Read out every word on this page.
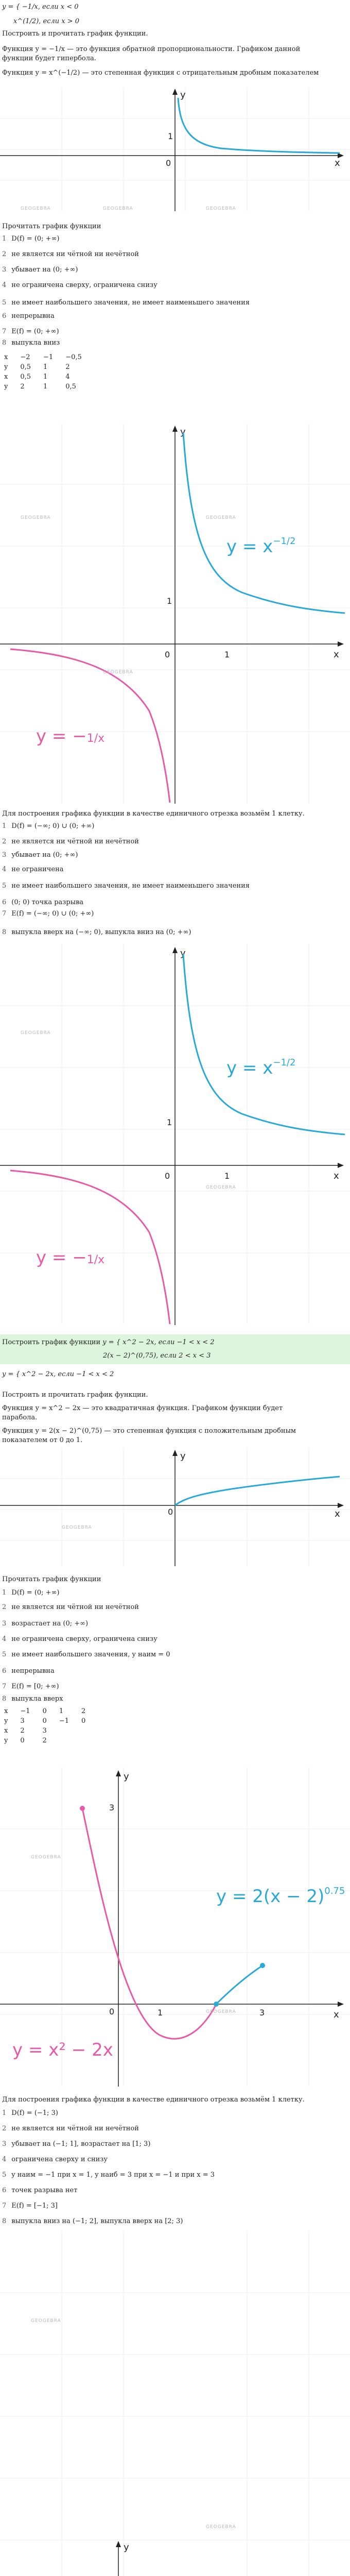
y = { −1/x, если x < 0
x^(1/2), если x > 0
Построить и прочитать график функции.
Функция y = −1/x — это функция обратной пропорциональности. Графиком данной
функции будет гипербола.
Функция y = x^(−1/2) — это степенная функция с отрицательным дробным показателем
x
y
0
1
Прочитать график функции
1 D(f) = (0; +∞)
2 не является ни чётной ни нечётной
3 убывает на (0; +∞)
4 не ограничена сверху, ограничена снизу
5 не имеет наибольшего значения, не имеет наименьшего значения
6 непрерывна
7 E(f) = (0; +∞)
8 выпукла вниз
x	−2	−1	−0,5
y	0,5	1	2
x	0,5	1	4
y	2	1	0,5
x
y
0
1
1
$y = x^{-1/2}$
y = −1/x
Для построения графика функции в качестве единичного отрезка возьмём 1 клетку.
1 D(f) = (−∞; 0) ∪ (0; +∞)
2 не является ни чётной ни нечётной
3 убывает на (0; +∞)
4 не ограничена
5 не имеет наибольшего значения, не имеет наименьшего значения
6 (0; 0) точка разрыва
7 E(f) = (−∞; 0) ∪ (0; +∞)
8 выпукла вверх на (−∞; 0), выпукла вниз на (0; +∞)
x
y
0
1
1
$y = x^{-1/2}$
y = −1/x
Построить график функции y = { x^2 − 2x, если −1 < x < 2
2(x − 2)^(0,75), если 2 < x < 3
y = { x^2 − 2x, если −1 < x < 2
Построить и прочитать график функции.
Функция y = x^2 − 2x — это квадратичная функция. Графиком функции будет
парабола.
Функция y = 2(x − 2)^(0,75) — это степенная функция с положительным дробным
показателем от 0 до 1.
x
y
0
Прочитать график функции
1 D(f) = (0; +∞)
2 не является ни чётной ни нечётной
3 возрастает на (0; +∞)
4 не ограничена сверху, ограничена снизу
5 не имеет наибольшего значения, y наим = 0
6 непрерывна
7 E(f) = [0; +∞)
8 выпукла вверх
x	−1	0	1	2
y	3	0	−1	0
x	2	3		
y	0	2		
x
y
0
3
3
1
$y = 2(x - 2)^{0.75}$
y = x² − 2x
Для построения графика функции в качестве единичного отрезка возьмём 1 клетку.
1 D(f) = (−1; 3)
2 не является ни чётной ни нечётной
3 убывает на (−1; 1], возрастает на [1; 3)
4 ограничена сверху и снизу
5 y наим = −1 при x = 1, y наиб = 3 при x = −1 и при x = 3
6 точек разрыва нет
7 E(f) = [−1; 3]
8 выпукла вниз на (−1; 2], выпукла вверх на [2; 3)
y
GEOGEBRA	GEOGEBRA	GEOGEBRA
GEOGEBRA	GEOGEBRA
GEOGEBRA
GEOGEBRA
GEOGEBRA
GEOGEBRA
GEOGEBRA
GEOGEBRA
GEOGEBRA
GEOGEBRA
